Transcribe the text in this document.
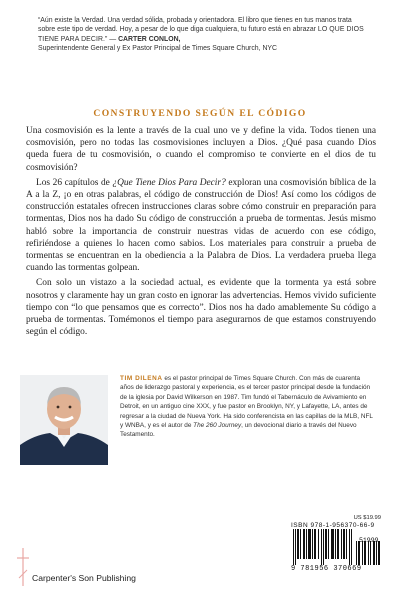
“Aún existe la Verdad. Una verdad sólida, probada y orientadora. El libro que tienes en tus manos trata sobre este tipo de verdad. Hoy, a pesar de lo que diga cualquiera, tu futuro está en abrazar LO QUE DIOS TIENE PARA DECIR.” — CARTER CONLON,
Superintendente General y Ex Pastor Principal de Times Square Church, NYC
CONSTRUYENDO SEGÚN EL CÓDIGO

Una cosmovisión es la lente a través de la cual uno ve y define la vida. Todos tienen una cosmovisión, pero no todas las cosmovisiones incluyen a Dios. ¿Qué pasa cuando Dios queda fuera de tu cosmovisión, o cuando el compromiso te convierte en el dios de tu cosmovisión?

Los 26 capítulos de ¿Que Tiene Dios Para Decir? exploran una cosmovisión bíblica de la A a la Z, ¡o en otras palabras, el código de construcción de Dios! Así como los códigos de construcción estatales ofrecen instrucciones claras sobre cómo construir en preparación para tormentas, Dios nos ha dado Su código de construcción a prueba de tormentas. Jesús mismo habló sobre la importancia de construir nuestras vidas de acuerdo con ese código, refiriéndose a quienes lo hacen como sabios. Los materiales para construir a prueba de tormentas se encuentran en la obediencia a la Palabra de Dios. La verdadera prueba llega cuando las tormentas golpean.

Con solo un vistazo a la sociedad actual, es evidente que la tormenta ya está sobre nosotros y claramente hay un gran costo en ignorar las advertencias. Hemos vivido suficiente tiempo con “lo que pensamos que es correcto”. Dios nos ha dado amablemente Su código a prueba de tormentas. Tomémonos el tiempo para asegurarnos de que estamos construyendo según el código.

TIM DILENA es el pastor principal de Times Square Church. Con más de cuarenta años de liderazgo pastoral y experiencia, es el tercer pastor principal desde la fundación de la iglesia por David Wilkerson en 1987. Tim fundó el Tabernáculo de Avivamiento en Detroit, en un antiguo cine XXX, y fue pastor en Brooklyn, NY, y Lafayette, LA, antes de regresar a la ciudad de Nueva York. Ha sido conferencista en las capillas de la MLB, NFL y WNBA, y es el autor de The 260 Journey, un devocional diario a través del Nuevo Testamento.
US $19.99
ISBN 978-1-956370-66-9
9 781956 370669
51999
Carpenter's Son Publishing
